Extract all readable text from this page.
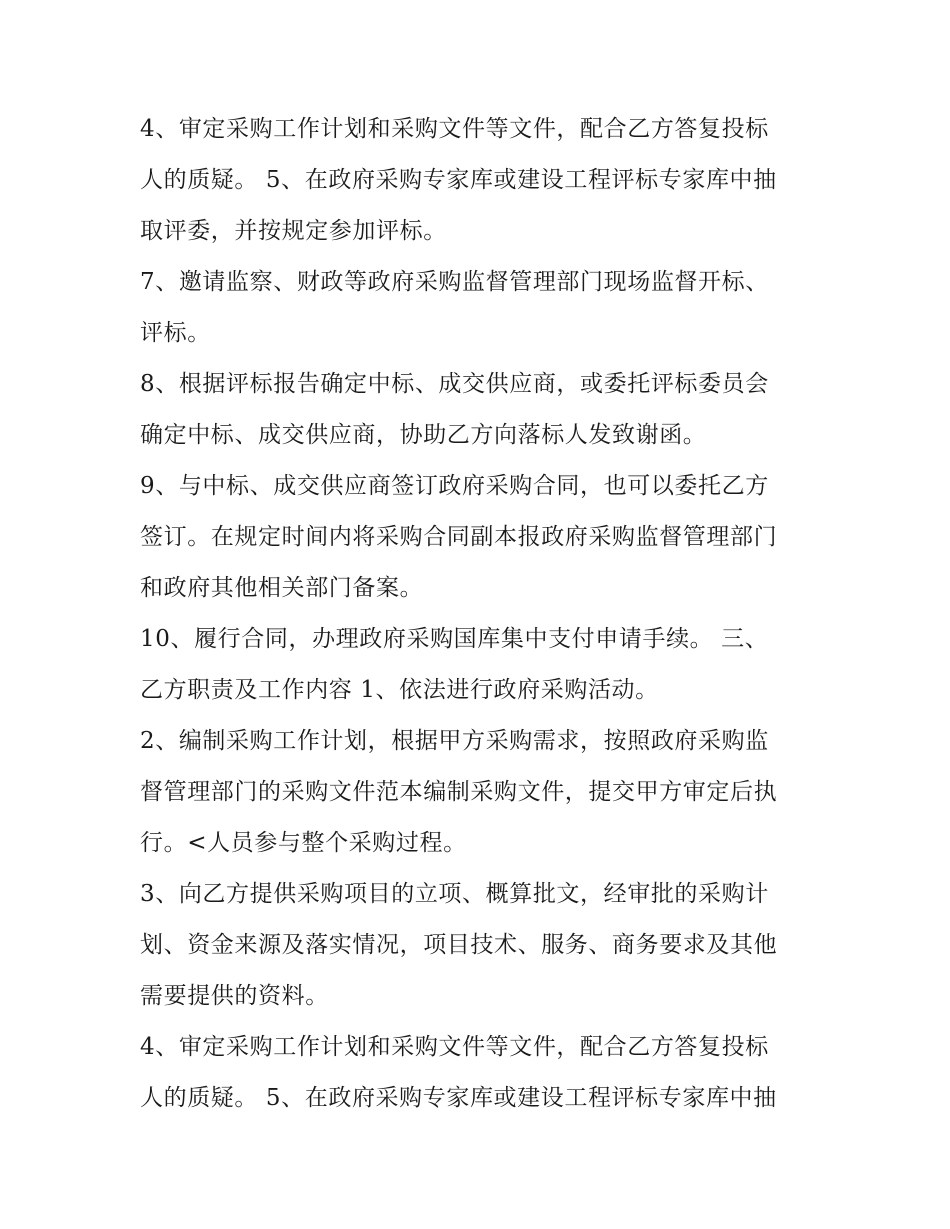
4、审定采购工作计划和采购文件等文件，配合乙方答复投标
人的质疑。 5、在政府采购专家库或建设工程评标专家库中抽
取评委，并按规定参加评标。
7、邀请监察、财政等政府采购监督管理部门现场监督开标、
评标。
8、根据评标报告确定中标、成交供应商，或委托评标委员会
确定中标、成交供应商，协助乙方向落标人发致谢函。
9、与中标、成交供应商签订政府采购合同，也可以委托乙方
签订。在规定时间内将采购合同副本报政府采购监督管理部门
和政府其他相关部门备案。
10、履行合同，办理政府采购国库集中支付申请手续。 三、
乙方职责及工作内容 1、依法进行政府采购活动。
2、编制采购工作计划，根据甲方采购需求，按照政府采购监
督管理部门的采购文件范本编制采购文件，提交甲方审定后执
行。<人员参与整个采购过程。
3、向乙方提供采购项目的立项、概算批文，经审批的采购计
划、资金来源及落实情况，项目技术、服务、商务要求及其他
需要提供的资料。
4、审定采购工作计划和采购文件等文件，配合乙方答复投标
人的质疑。 5、在政府采购专家库或建设工程评标专家库中抽
